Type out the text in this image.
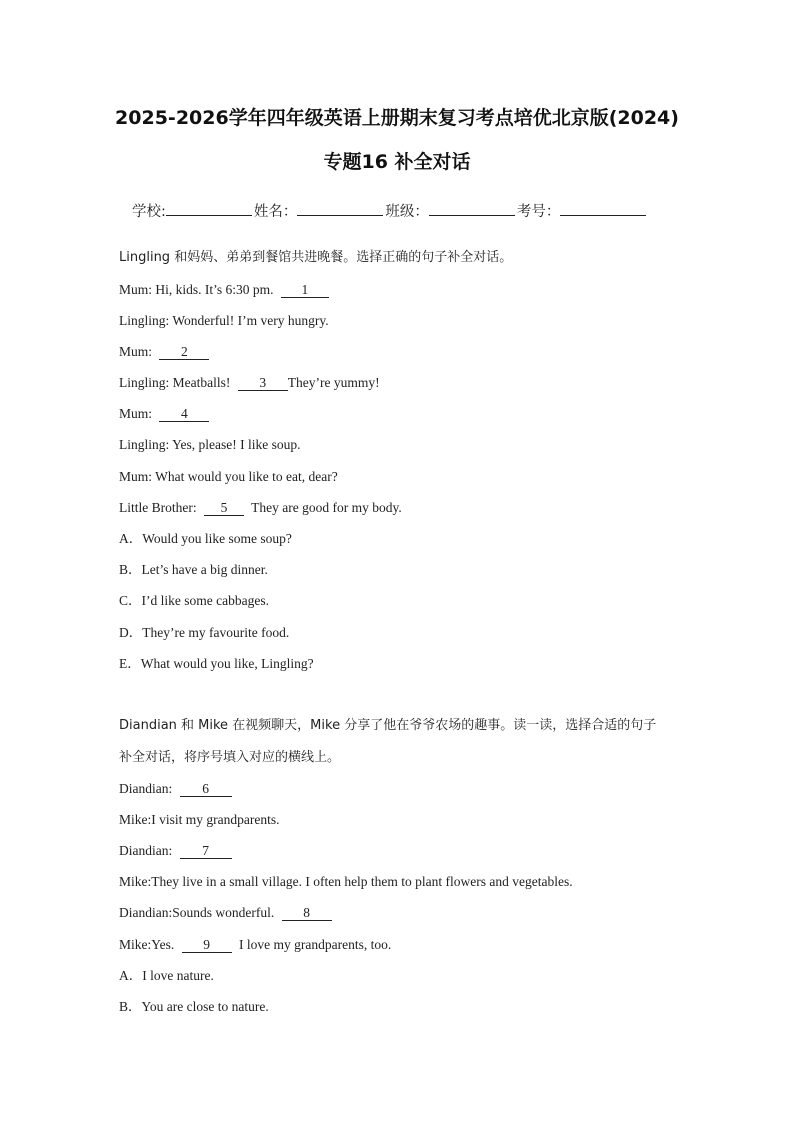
2025-2026学年四年级英语上册期末复习考点培优北京版(2024)
专题16 补全对话
学校:	姓名：	班级：	考号：
Lingling 和妈妈、弟弟到餐馆共进晚餐。选择正确的句子补全对话。
Mum: Hi, kids. It’s 6:30 pm. 1
Lingling: Wonderful! I’m very hungry.
Mum: 2
Lingling: Meatballs! 3 They’re yummy!
Mum: 4
Lingling: Yes, please! I like soup.
Mum: What would you like to eat, dear?
Little Brother: 5 They are good for my body.
A．Would you like some soup?
B．Let’s have a big dinner.
C．I’d like some cabbages.
D．They’re my favourite food.
E．What would you like, Lingling?
Diandian 和 Mike 在视频聊天，Mike 分享了他在爷爷农场的趣事。读一读，选择合适的句子
补全对话，将序号填入对应的横线上。
Diandian: 6
Mike:I visit my grandparents.
Diandian: 7
Mike:They live in a small village. I often help them to plant flowers and vegetables.
Diandian:Sounds wonderful. 8
Mike:Yes. 9 I love my grandparents, too.
A．I love nature.
B．You are close to nature.
